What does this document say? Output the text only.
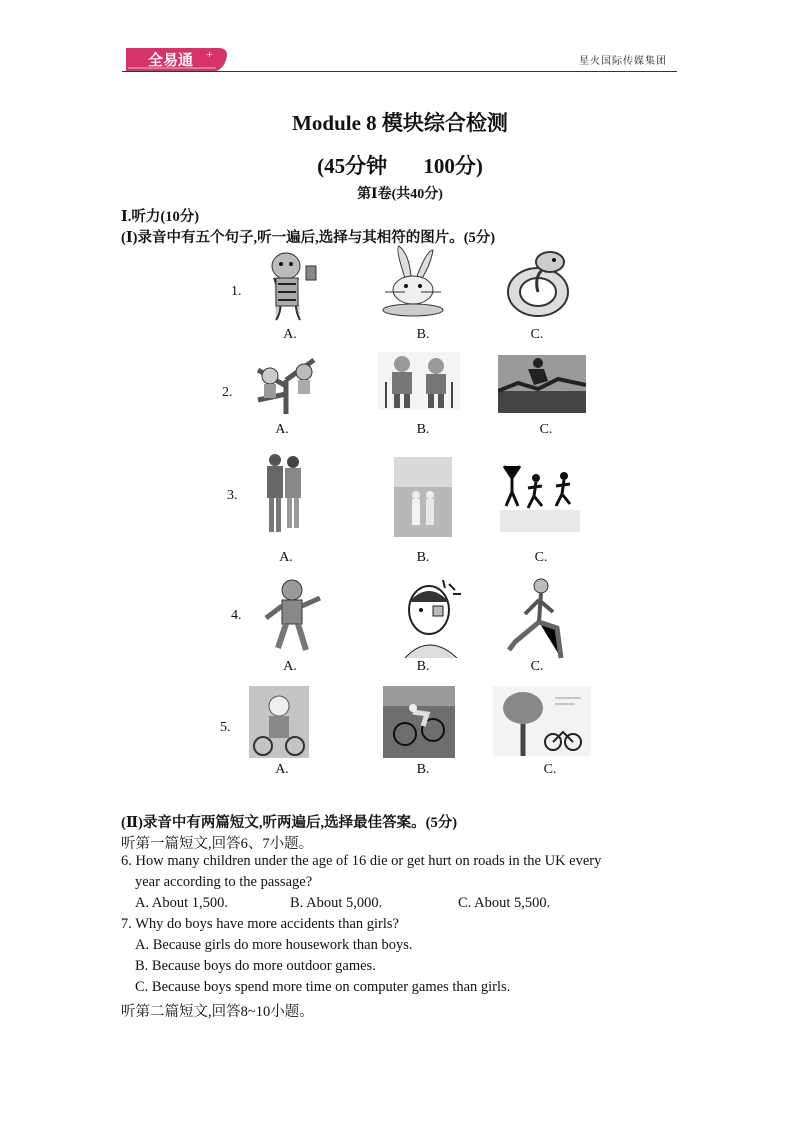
全易通 +
星火国际传媒集团
Module 8 模块综合检测
(45分钟　 100分)
第Ⅰ卷(共40分)
Ⅰ.听力(10分)
(Ⅰ)录音中有五个句子,听一遍后,选择与其相符的图片。(5分)
1.
A.	B.	C.
2.
A.	B.	C.
3.
A.	B.	C.
4.
A.	B.	C.
5.
A.	B.	C.
(Ⅱ)录音中有两篇短文,听两遍后,选择最佳答案。(5分)
听第一篇短文,回答6、7小题。
6. How many children under the age of 16 die or get hurt on roads in the UK every
year according to the passage?
A. About 1,500.	B. About 5,000.	C. About 5,500.
7. Why do boys have more accidents than girls?
A. Because girls do more housework than boys.
B. Because boys do more outdoor games.
C. Because boys spend more time on computer games than girls.
听第二篇短文,回答8~10小题。
